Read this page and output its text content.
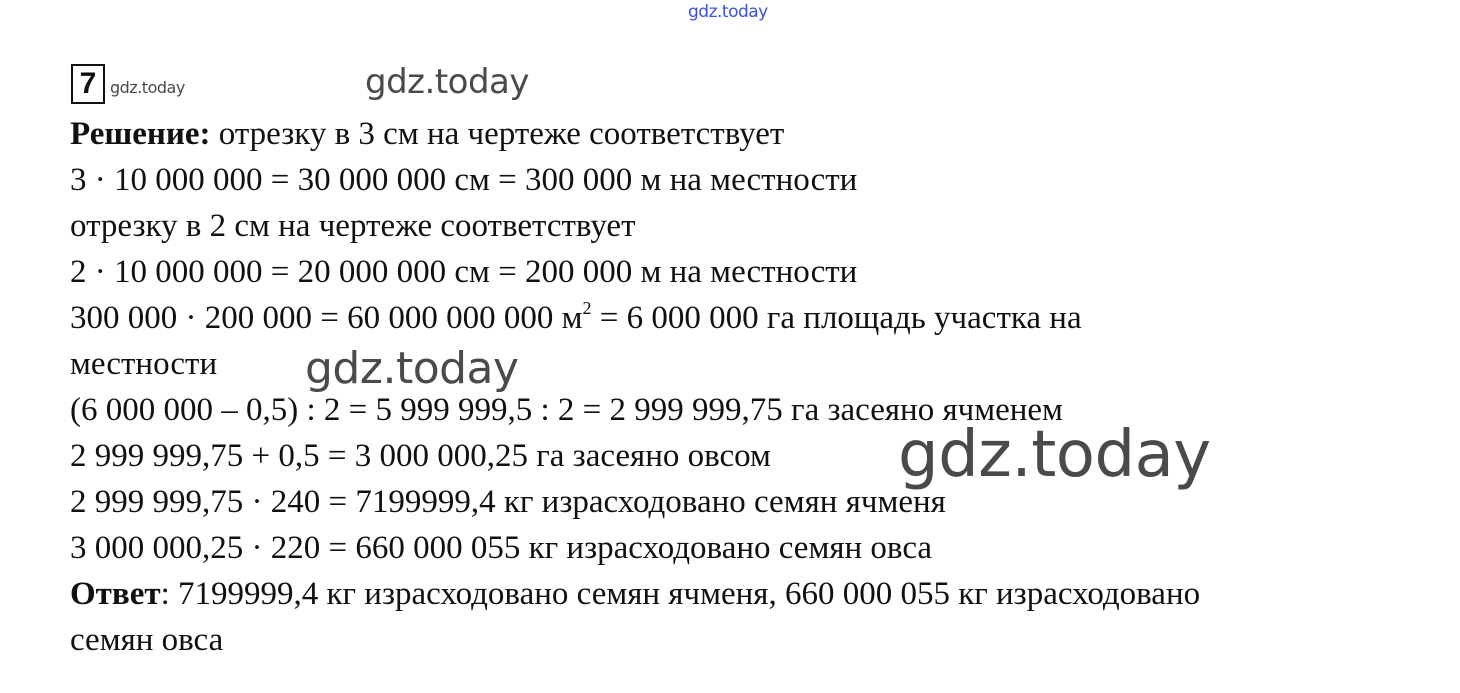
gdz.today
7 gdz.today	gdz.today
Решение: отрезку в 3 см на чертеже соответствует
3 · 10 000 000 = 30 000 000 см = 300 000 м на местности
отрезку в 2 см на чертеже соответствует
2 · 10 000 000 = 20 000 000 см = 200 000 м на местности
300 000 · 200 000 = 60 000 000 000 $м^2 = 6$ 000 000 га площадь участка на
местности
(6 000 000 – 0,5) : 2 = 5 999 999,5 : 2 = 2 999 999,75 га засеяно ячменем
2 999 999,75 + 0,5 = 3 000 000,25 га засеяно овсом
2 999 999,75 · 240 = 7199999,4 кг израсходовано семян ячменя
3 000 000,25 · 220 = 660 000 055 кг израсходовано семян овса
Ответ: 7199999,4 кг израсходовано семян ячменя, 660 000 055 кг израсходовано
семян овса
gdz.today
gdz.today
